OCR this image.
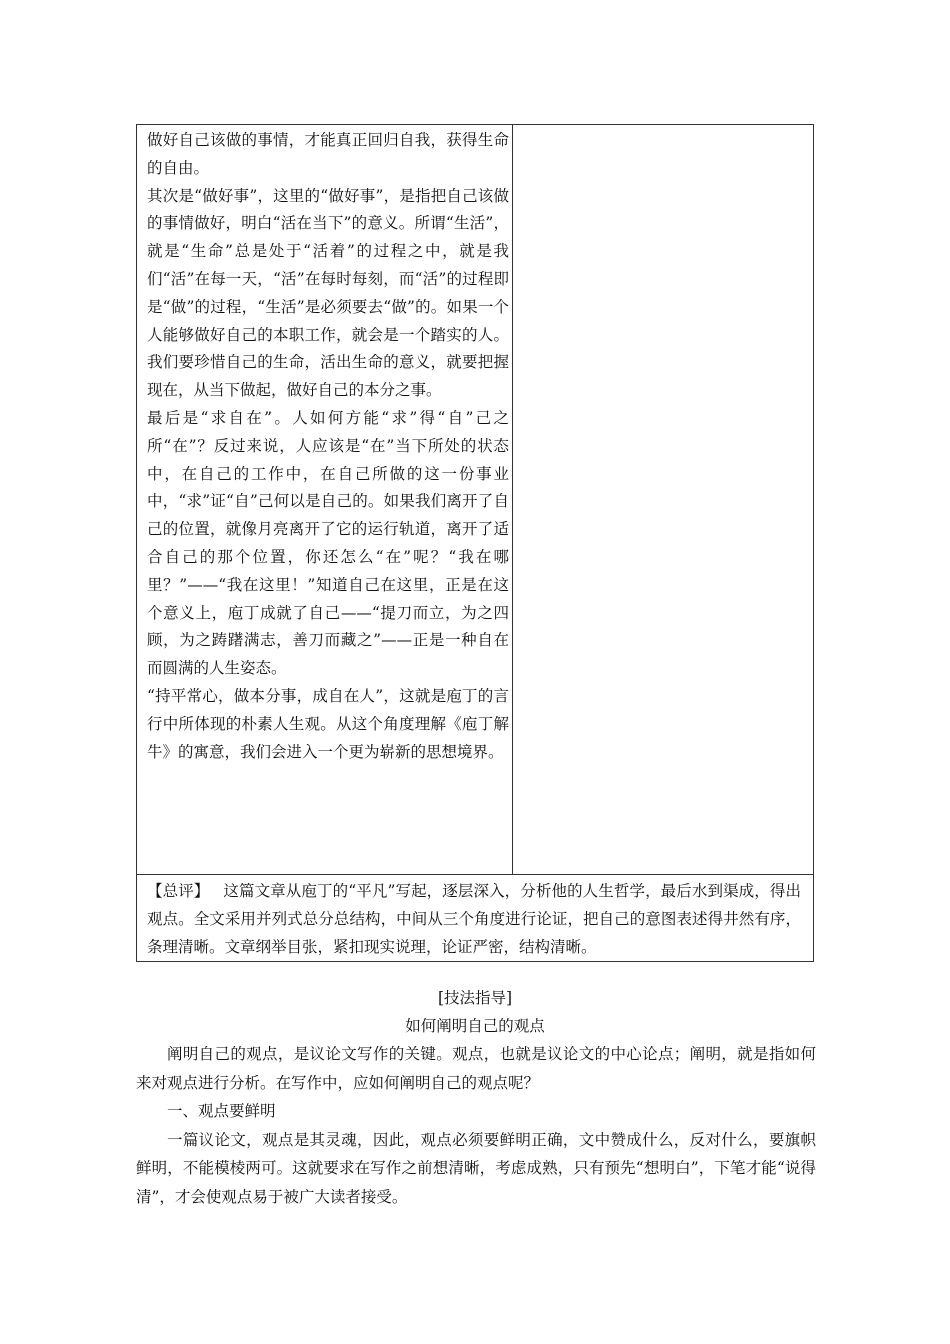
做好自己该做的事情，才能真正回归自我，获得生命的自由。

其次是“做好事”，这里的“做好事”，是指把自己该做的事情做好，明白“活在当下”的意义。所谓“生活”，就是“生命”总是处于“活着”的过程之中，就是我们“活”在每一天，“活”在每时每刻，而“活”的过程即是“做”的过程，“生活”是必须要去“做”的。如果一个人能够做好自己的本职工作，就会是一个踏实的人。我们要珍惜自己的生命，活出生命的意义，就要把握现在，从当下做起，做好自己的本分之事。

最后是“求自在”。人如何方能“求”得“自”己之所“在”？反过来说，人应该是“在”当下所处的状态中，在自己的工作中，在自己所做的这一份事业中，“求”证“自”己何以是自己的。如果我们离开了自己的位置，就像月亮离开了它的运行轨道，离开了适合自己的那个位置，你还怎么“在”呢？“我在哪里？”——“我在这里！”知道自己在这里，正是在这个意义上，庖丁成就了自己——“提刀而立，为之四顾，为之踌躇满志，善刀而藏之”——正是一种自在而圆满的人生姿态。

“持平常心，做本分事，成自在人”，这就是庖丁的言行中所体现的朴素人生观。从这个角度理解《庖丁解牛》的寓意，我们会进入一个更为崭新的思想境界。

【总评】 这篇文章从庖丁的“平凡”写起，逐层深入，分析他的人生哲学，最后水到渠成，得出观点。全文采用并列式总分总结构，中间从三个角度进行论证，把自己的意图表述得井然有序，条理清晰。文章纲举目张，紧扣现实说理，论证严密，结构清晰。
[技法指导]
如何阐明自己的观点

阐明自己的观点，是议论文写作的关键。观点，也就是议论文的中心论点；阐明，就是指如何来对观点进行分析。在写作中，应如何阐明自己的观点呢？

一、观点要鲜明

一篇议论文，观点是其灵魂，因此，观点必须要鲜明正确，文中赞成什么，反对什么，要旗帜鲜明，不能模棱两可。这就要求在写作之前想清晰，考虑成熟，只有预先“想明白”，下笔才能“说得清”，才会使观点易于被广大读者接受。
